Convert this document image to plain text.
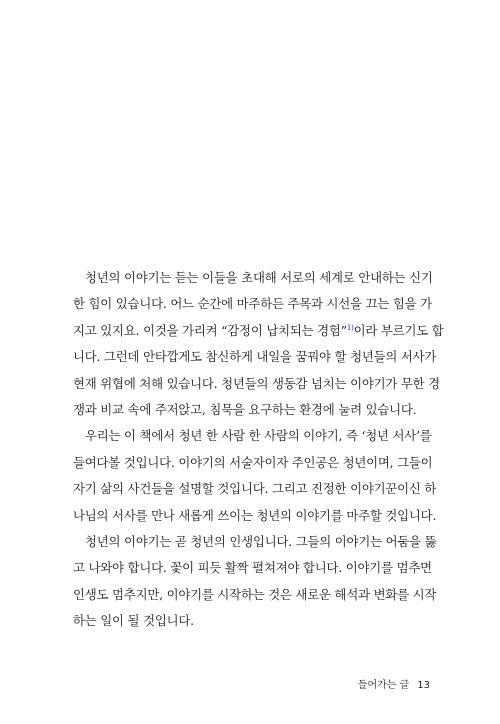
청년의 이야기는 듣는 이들을 초대해 서로의 세계로 안내하는 신기
한 힘이 있습니다. 어느 순간에 마주하든 주목과 시선을 끄는 힘을 가
지고 있지요. 이것을 가리켜 “감정이 납치되는 경험”$^{1)}$이라 부르기도 합
니다. 그런데 안타깝게도 참신하게 내일을 꿈꿔야 할 청년들의 서사가
현재 위협에 처해 있습니다. 청년들의 생동감 넘치는 이야기가 무한 경
쟁과 비교 속에 주저앉고, 침묵을 요구하는 환경에 눌려 있습니다.
우리는 이 책에서 청년 한 사람 한 사람의 이야기, 즉 ‘청년 서사’를
들여다볼 것입니다. 이야기의 서술자이자 주인공은 청년이며, 그들이
자기 삶의 사건들을 설명할 것입니다. 그리고 진정한 이야기꾼이신 하
나님의 서사를 만나 새롭게 쓰이는 청년의 이야기를 마주할 것입니다.
청년의 이야기는 곧 청년의 인생입니다. 그들의 이야기는 어둠을 뚫
고 나와야 합니다. 꽃이 피듯 활짝 펼쳐져야 합니다. 이야기를 멈추면
인생도 멈추지만, 이야기를 시작하는 것은 새로운 해석과 변화를 시작
하는 일이 될 것입니다.
들어가는 글 13
